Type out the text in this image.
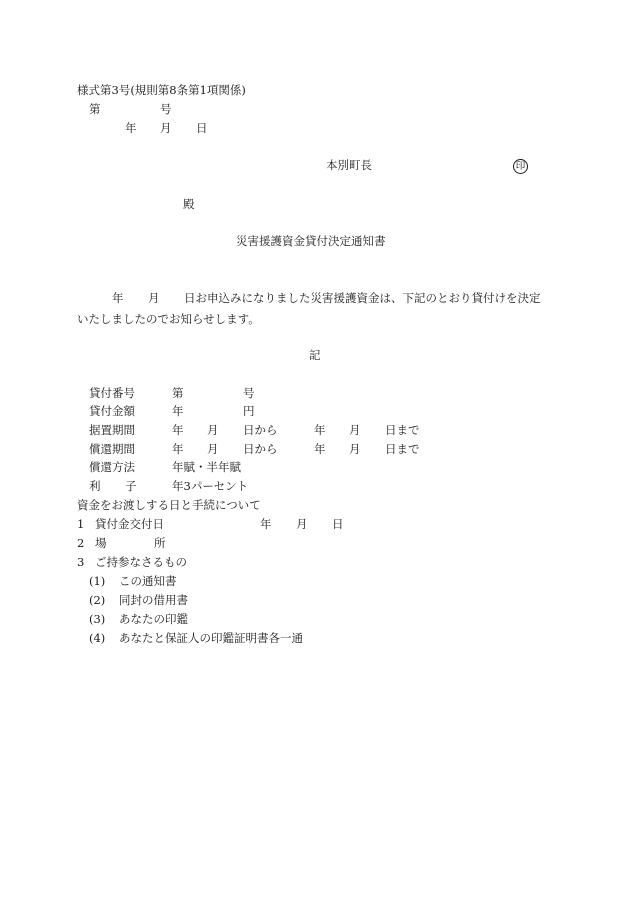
様式第3号(規則第8条第1項関係)
第	号
年 月 日
本別町長	印
殿
災害援護資金貸付決定通知書
年 月 日お申込みになりました災害援護資金は、下記のとおり貸付けを決定
いたしましたのでお知らせします。
記
貸付番号	第	号
貸付金額	年	円
据置期間	年 月 日から	年 月 日まで
償還期間	年 月 日から	年 月 日まで
償還方法	年賦・半年賦
利 子	年3パーセント
資金をお渡しする日と手続について
1 貸付金交付日	年 月 日
2 場	所
3 ご持参なさるもの
(1) この通知書
(2) 同封の借用書
(3) あなたの印鑑
(4) あなたと保証人の印鑑証明書各一通
